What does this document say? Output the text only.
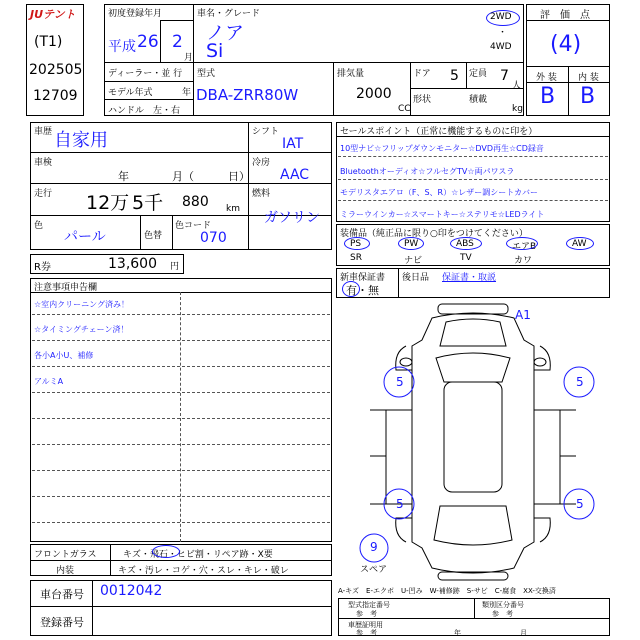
JUテント
(T1)
202505
12709
初度登録年月
平成 26 2
月
ディーラー・並 行
モデル年式	年
ハンドル　左・右
車名・グレード
ノア
Si
2WD
・
4WD
型式
DBA-ZRR80W
排気量
2000
CC
ドア 5 定員 7
人
形状	積載
kg
評　価　点
(4)
外 装 内 装
B B
車歴 自家用
車検
年	月（	日）
走行 12万 5千 880 km
色
パール	色替
色コード
070
シフト
IAT
冷房
AAC
燃料
ガソリン
R券	13,600 円
セールスポイント（正常に機能するものに印を）
10型ナビ☆フリップダウンモニター☆DVD再生☆CD録音
Bluetoothオーディオ☆フルセグTV☆両パワスラ
モデリスタエアロ（F、S、R）☆レザー調シートカバー
ミラーウインカー☆スマートキー☆ステリモ☆LEDライト
装備品（純正品に限り○印をつけてください）
PS	PW	ABS	エアB	AW
SR	ナビ	TV	カワ
新車保証書
有・無
後日品 保証書・取説
注意事項申告欄
☆室内クリーニング済み！
☆タイミングチェーン済！
各小A小U、補修
アルミA
フロントガラス	キズ・飛石・ヒビ割・リペア跡・X要
内装	キズ・汚レ・コゲ・穴・スレ・キレ・破レ
車台番号 0012042
登録番号
A-キズ　E-エクボ　U-凹み　W-補修跡　S-サビ　C-腐食　XX-交換済
型式指定番号
参　考
類別区分番号
参　考
車歴証明用
参　考	年	月
A1
5	5
5	5
9
スペア
